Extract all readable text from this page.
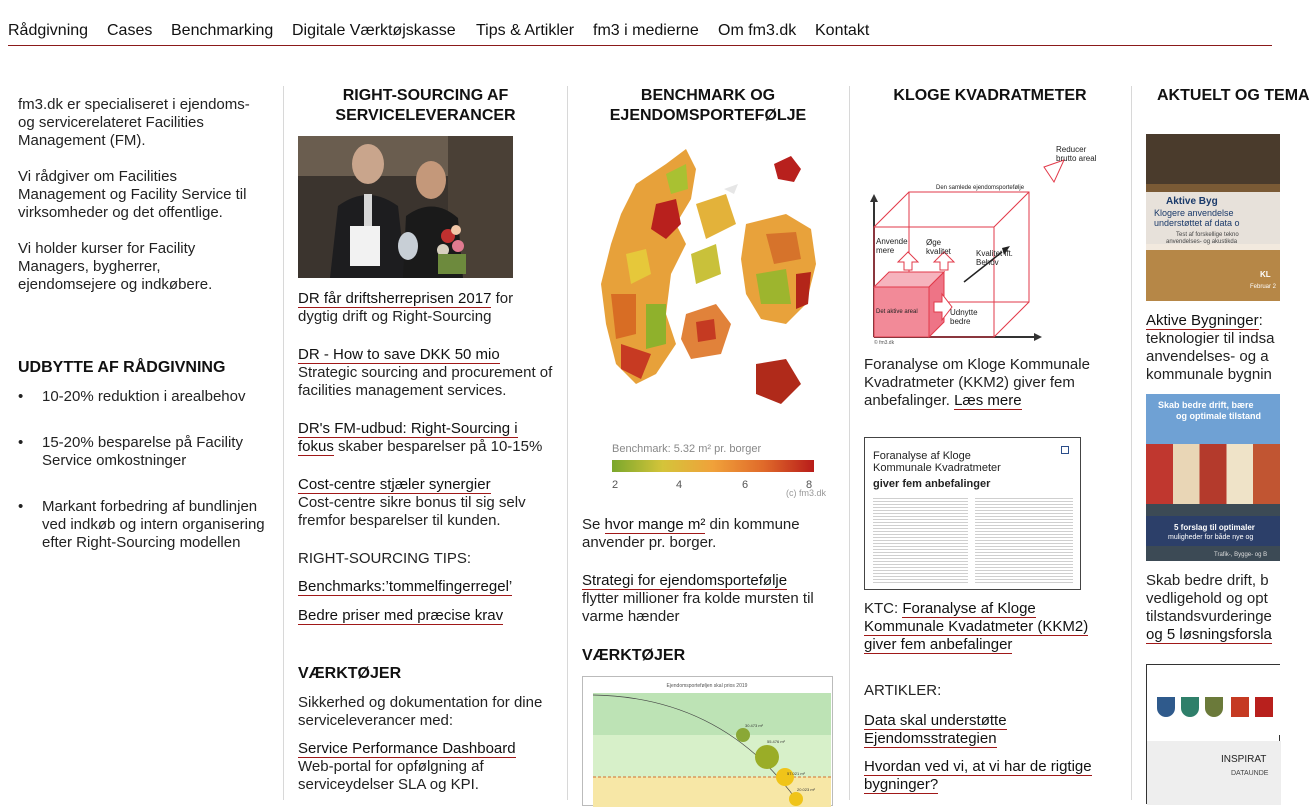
Rådgivning Cases Benchmarking Digitale Værktøjskasse Tips & Artikler fm3 i medierne Om fm3.dk Kontakt
fm3.dk er specialiseret i ejendoms- og servicerelateret Facilities Management (FM).
Vi rådgiver om Facilities Management og Facility Service til virksomheder og det offentlige.
Vi holder kurser for Facility Managers, bygherrer, ejendomsejere og indkøbere.
UDBYTTE AF RÅDGIVNING
• 10-20% reduktion i arealbehov
• 15-20% besparelse på Facility Service omkostninger
• Markant forbedring af bundlinjen ved indkøb og intern organisering efter Right-Sourcing modellen
RIGHT-SOURCING AF SERVICELEVERANCER
DR får driftsherreprisen 2017 for dygtig drift og Right-Sourcing
DR - How to save DKK 50 mio
Strategic sourcing and procurement of facilities management services.
DR's FM-udbud: Right-Sourcing i fokus skaber besparelser på 10-15%
Cost-centre stjæler synergier
Cost-centre sikre bonus til sig selv fremfor besparelser til kunden.
RIGHT-SOURCING TIPS:
Benchmarks:’tommelfingerregel’
Bedre priser med præcise krav
VÆRKTØJER
Sikkerhed og dokumentation for dine serviceleverancer med:
Service Performance Dashboard
Web-portal for opfølgning af serviceydelser SLA og KPI.
BENCHMARK OG EJENDOMSPORTEFØLJE
Benchmark: 5.32 m² pr. borger
2	4	6	8
(c) fm3.dk
Se hvor mange m² din kommune anvender pr. borger.
Strategi for ejendomsportefølje
flytter millioner fra kolde mursten til varme hænder
VÆRKTØJER
Ejendomsporteføljen skal prios 2019
30.473 m²
55.476 m²
57.021 m²
20.023 m²
KLOGE KVADRATMETER
Reducer
brutto areal
Den samlede ejendomsportefølje
Anvende
mere
Øge
kvalitet	Kvalitet ift.
Behov
Det aktive areal	Udnytte
bedre
© fm3.dk
Foranalyse om Kloge Kommunale Kvadratmeter (KKM2) giver fem anbefalinger. Læs mere
Foranalyse af Kloge Kommunale Kvadratmeter
giver fem anbefalinger
KTC: Foranalyse af Kloge Kommunale Kvadatmeter (KKM2) giver fem anbefalinger
ARTIKLER:
Data skal understøtte Ejendomsstrategien
Hvordan ved vi, at vi har de rigtige bygninger?
AKTUELT OG TEMA
Aktive Byg
Klogere anvendelse
understøttet af data o
Test af forskellige tekno
anvendelses- og akustikda
KL
Februar 2
Aktive Bygninger: teknologier til indsa anvendelses- og a kommunale bygnin
Skab bedre drift, bære
og optimale tilstand
5 forslag til optimaler
muligheder for både nye og
Trafik-, Bygge- og B
Skab bedre drift, b vedligehold og opt tilstandsvurderinge
og 5 løsningsforsla
INSPIRAT
DATAUNDE
